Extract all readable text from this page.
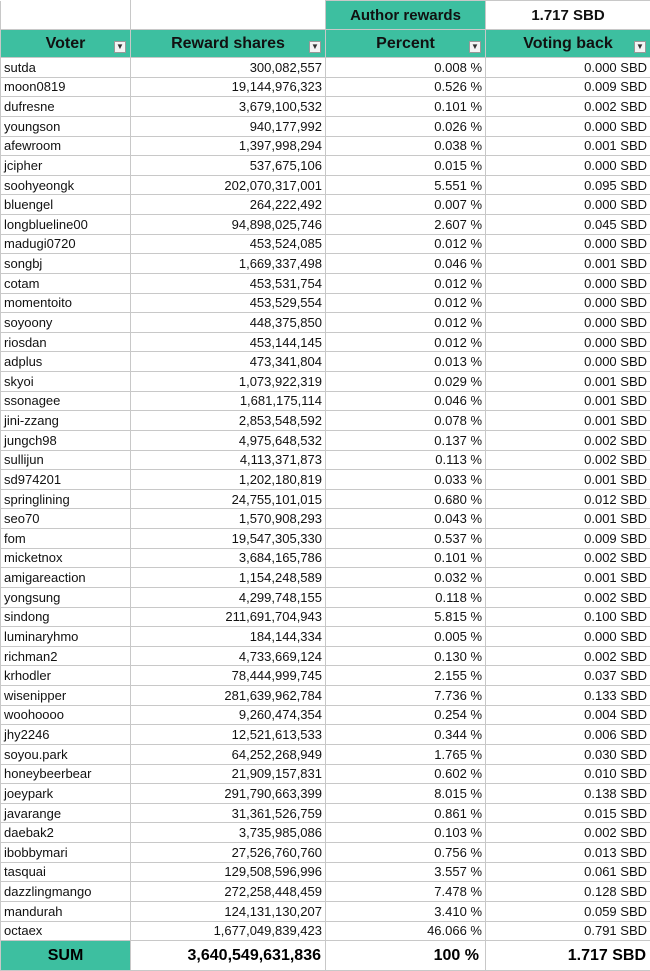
		Author rewards	1.717 SBD
Voter ▼	Reward shares ▼	Percent ▼	Voting back ▼

sutda	300,082,557	0.008 %	0.000 SBD
moon0819	19,144,976,323	0.526 %	0.009 SBD
dufresne	3,679,100,532	0.101 %	0.002 SBD
youngson	940,177,992	0.026 %	0.000 SBD
afewroom	1,397,998,294	0.038 %	0.001 SBD
jcipher	537,675,106	0.015 %	0.000 SBD
soohyeongk	202,070,317,001	5.551 %	0.095 SBD
bluengel	264,222,492	0.007 %	0.000 SBD
longblueline00	94,898,025,746	2.607 %	0.045 SBD
madugi0720	453,524,085	0.012 %	0.000 SBD
songbj	1,669,337,498	0.046 %	0.001 SBD
cotam	453,531,754	0.012 %	0.000 SBD
momentoito	453,529,554	0.012 %	0.000 SBD
soyoony	448,375,850	0.012 %	0.000 SBD
riosdan	453,144,145	0.012 %	0.000 SBD
adplus	473,341,804	0.013 %	0.000 SBD
skyoi	1,073,922,319	0.029 %	0.001 SBD
ssonagee	1,681,175,114	0.046 %	0.001 SBD
jini-zzang	2,853,548,592	0.078 %	0.001 SBD
jungch98	4,975,648,532	0.137 %	0.002 SBD
sullijun	4,113,371,873	0.113 %	0.002 SBD
sd974201	1,202,180,819	0.033 %	0.001 SBD
springlining	24,755,101,015	0.680 %	0.012 SBD
seo70	1,570,908,293	0.043 %	0.001 SBD
fom	19,547,305,330	0.537 %	0.009 SBD
micketnox	3,684,165,786	0.101 %	0.002 SBD
amigareaction	1,154,248,589	0.032 %	0.001 SBD
yongsung	4,299,748,155	0.118 %	0.002 SBD
sindong	211,691,704,943	5.815 %	0.100 SBD
luminaryhmo	184,144,334	0.005 %	0.000 SBD
richman2	4,733,669,124	0.130 %	0.002 SBD
krhodler	78,444,999,745	2.155 %	0.037 SBD
wisenipper	281,639,962,784	7.736 %	0.133 SBD
woohoooo	9,260,474,354	0.254 %	0.004 SBD
jhy2246	12,521,613,533	0.344 %	0.006 SBD
soyou.park	64,252,268,949	1.765 %	0.030 SBD
honeybeerbear	21,909,157,831	0.602 %	0.010 SBD
joeypark	291,790,663,399	8.015 %	0.138 SBD
javarange	31,361,526,759	0.861 %	0.015 SBD
daebak2	3,735,985,086	0.103 %	0.002 SBD
ibobbymari	27,526,760,760	0.756 %	0.013 SBD
tasquai	129,508,596,996	3.557 %	0.061 SBD
dazzlingmango	272,258,448,459	7.478 %	0.128 SBD
mandurah	124,131,130,207	3.410 %	0.059 SBD
octaex	1,677,049,839,423	46.066 %	0.791 SBD
SUM	3,640,549,631,836	100 %	1.717 SBD
